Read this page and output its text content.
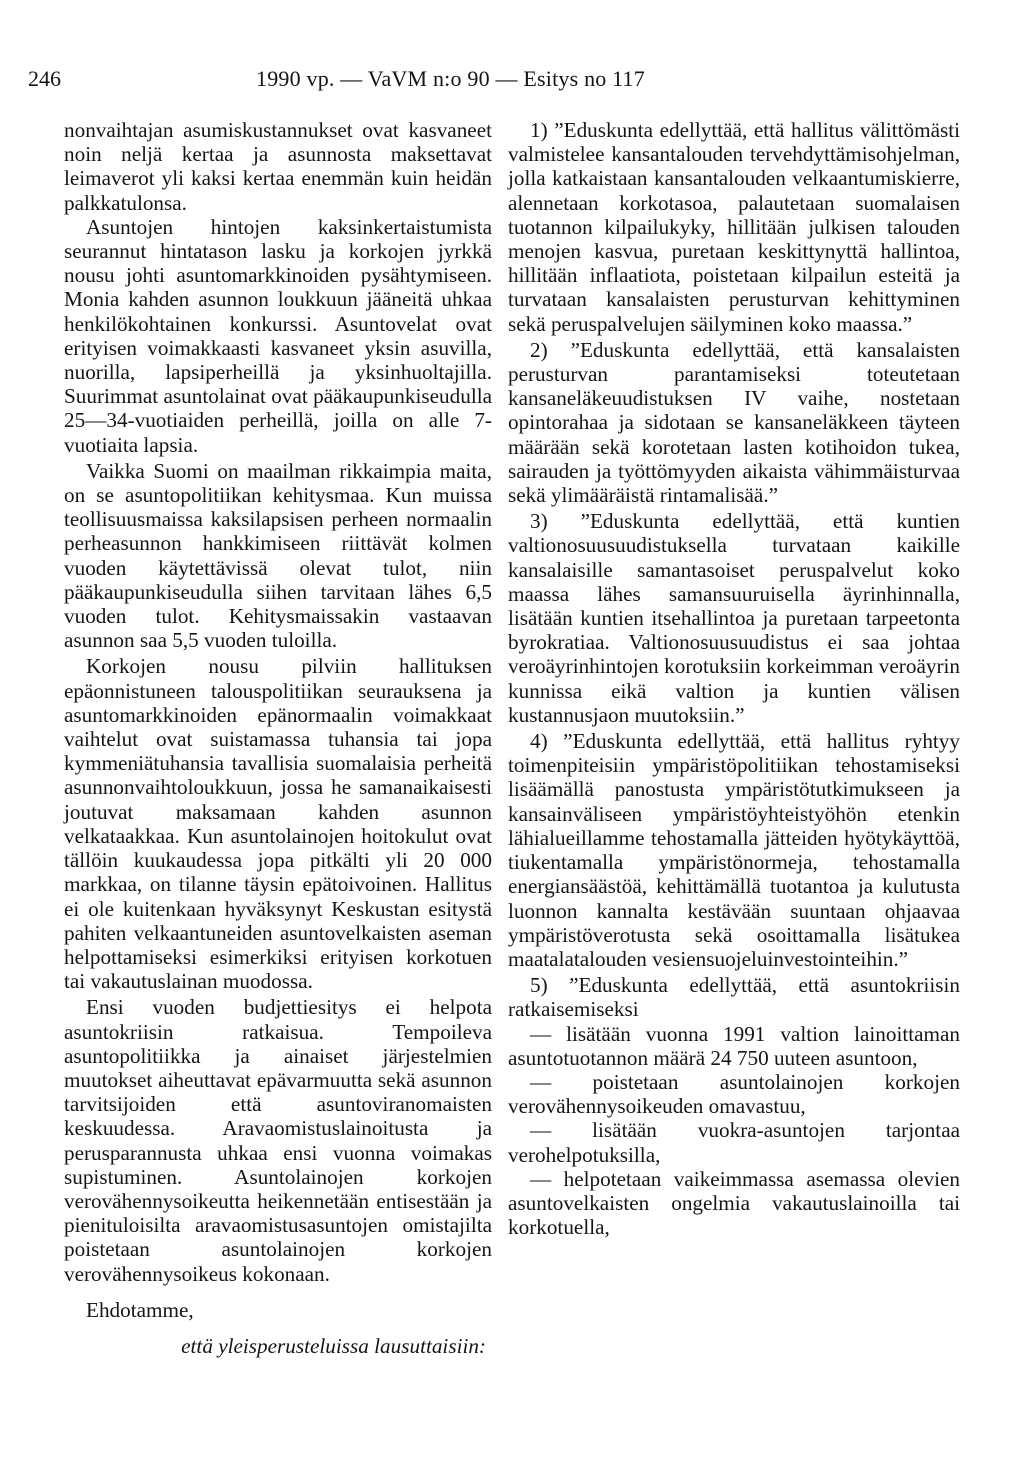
246	1990 vp. — VaVM n:o 90 — Esitys no 117

nonvaihtajan asumiskustannukset ovat kasvaneet noin neljä kertaa ja asunnosta maksettavat leimaverot yli kaksi kertaa enemmän kuin heidän palkkatulonsa.

Asuntojen hintojen kaksinkertaistumista seurannut hintatason lasku ja korkojen jyrkkä nousu johti asuntomarkkinoiden pysähtymiseen. Monia kahden asunnon loukkuun jääneitä uhkaa henkilökohtainen konkurssi. Asuntovelat ovat erityisen voimakkaasti kasvaneet yksin asuvilla, nuorilla, lapsiperheillä ja yksinhuoltajilla. Suurimmat asuntolainat ovat pääkaupunkiseudulla 25—34-vuotiaiden perheillä, joilla on alle 7-vuotiaita lapsia.

Vaikka Suomi on maailman rikkaimpia maita, on se asuntopolitiikan kehitysmaa. Kun muissa teollisuusmaissa kaksilapsisen perheen normaalin perheasunnon hankkimiseen riittävät kolmen vuoden käytettävissä olevat tulot, niin pääkaupunkiseudulla siihen tarvitaan lähes 6,5 vuoden tulot. Kehitysmaissakin vastaavan asunnon saa 5,5 vuoden tuloilla.

Korkojen nousu pilviin hallituksen epäonnistuneen talouspolitiikan seurauksena ja asuntomarkkinoiden epänormaalin voimakkaat vaihtelut ovat suistamassa tuhansia tai jopa kymmeniätuhansia tavallisia suomalaisia perheitä asunnonvaihtoloukkuun, jossa he samanaikaisesti joutuvat maksamaan kahden asunnon velkataakkaa. Kun asuntolainojen hoitokulut ovat tällöin kuukaudessa jopa pitkälti yli 20 000 markkaa, on tilanne täysin epätoivoinen. Hallitus ei ole kuitenkaan hyväksynyt Keskustan esitystä pahiten velkaantuneiden asuntovelkaisten aseman helpottamiseksi esimerkiksi erityisen korkotuen tai vakautuslainan muodossa.

Ensi vuoden budjettiesitys ei helpota asuntokriisin ratkaisua. Tempoileva asuntopolitiikka ja ainaiset järjestelmien muutokset aiheuttavat epävarmuutta sekä asunnon tarvitsijoiden että asuntoviranomaisten keskuudessa. Aravaomistuslainoitusta ja perusparannusta uhkaa ensi vuonna voimakas supistuminen. Asuntolainojen korkojen verovähennysoikeutta heikennetään entisestään ja pienituloisilta aravaomistusasuntojen omistajilta poistetaan asuntolainojen korkojen verovähennysoikeus kokonaan.

Ehdotamme,

että yleisperusteluissa lausuttaisiin:

1) ”Eduskunta edellyttää, että hallitus välittömästi valmistelee kansantalouden tervehdyttämisohjelman, jolla katkaistaan kansantalouden velkaantumiskierre, alennetaan korkotasoa, palautetaan suomalaisen tuotannon kilpailukyky, hillitään julkisen talouden menojen kasvua, puretaan keskittynyttä hallintoa, hillitään inflaatiota, poistetaan kilpailun esteitä ja turvataan kansalaisten perusturvan kehittyminen sekä peruspalvelujen säilyminen koko maassa.”

2) ”Eduskunta edellyttää, että kansalaisten perusturvan parantamiseksi toteutetaan kansaneläkeuudistuksen IV vaihe, nostetaan opintorahaa ja sidotaan se kansaneläkkeen täyteen määrään sekä korotetaan lasten kotihoidon tukea, sairauden ja työttömyyden aikaista vähimmäisturvaa sekä ylimääräistä rintamalisää.”

3) ”Eduskunta edellyttää, että kuntien valtionosuusuudistuksella turvataan kaikille kansalaisille samantasoiset peruspalvelut koko maassa lähes samansuuruisella äyrinhinnalla, lisätään kuntien itsehallintoa ja puretaan tarpeetonta byrokratiaa. Valtionosuusuudistus ei saa johtaa veroäyrinhintojen korotuksiin korkeimman veroäyrin kunnissa eikä valtion ja kuntien välisen kustannusjaon muutoksiin.”

4) ”Eduskunta edellyttää, että hallitus ryhtyy toimenpiteisiin ympäristöpolitiikan tehostamiseksi lisäämällä panostusta ympäristötutkimukseen ja kansainväliseen ympäristöyhteistyöhön etenkin lähialueillamme tehostamalla jätteiden hyötykäyttöä, tiukentamalla ympäristönormeja, tehostamalla energiansäästöä, kehittämällä tuotantoa ja kulutusta luonnon kannalta kestävään suuntaan ohjaavaa ympäristöverotusta sekä osoittamalla lisätukea maatalatalouden vesiensuojeluinvestointeihin.”

5) ”Eduskunta edellyttää, että asuntokriisin ratkaisemiseksi

— lisätään vuonna 1991 valtion lainoittaman asuntotuotannon määrä 24 750 uuteen asuntoon,

— poistetaan asuntolainojen korkojen verovähennysoikeuden omavastuu,

— lisätään vuokra-asuntojen tarjontaa verohelpotuksilla,

— helpotetaan vaikeimmassa asemassa olevien asuntovelkaisten ongelmia vakautuslainoilla tai korkotuella,
